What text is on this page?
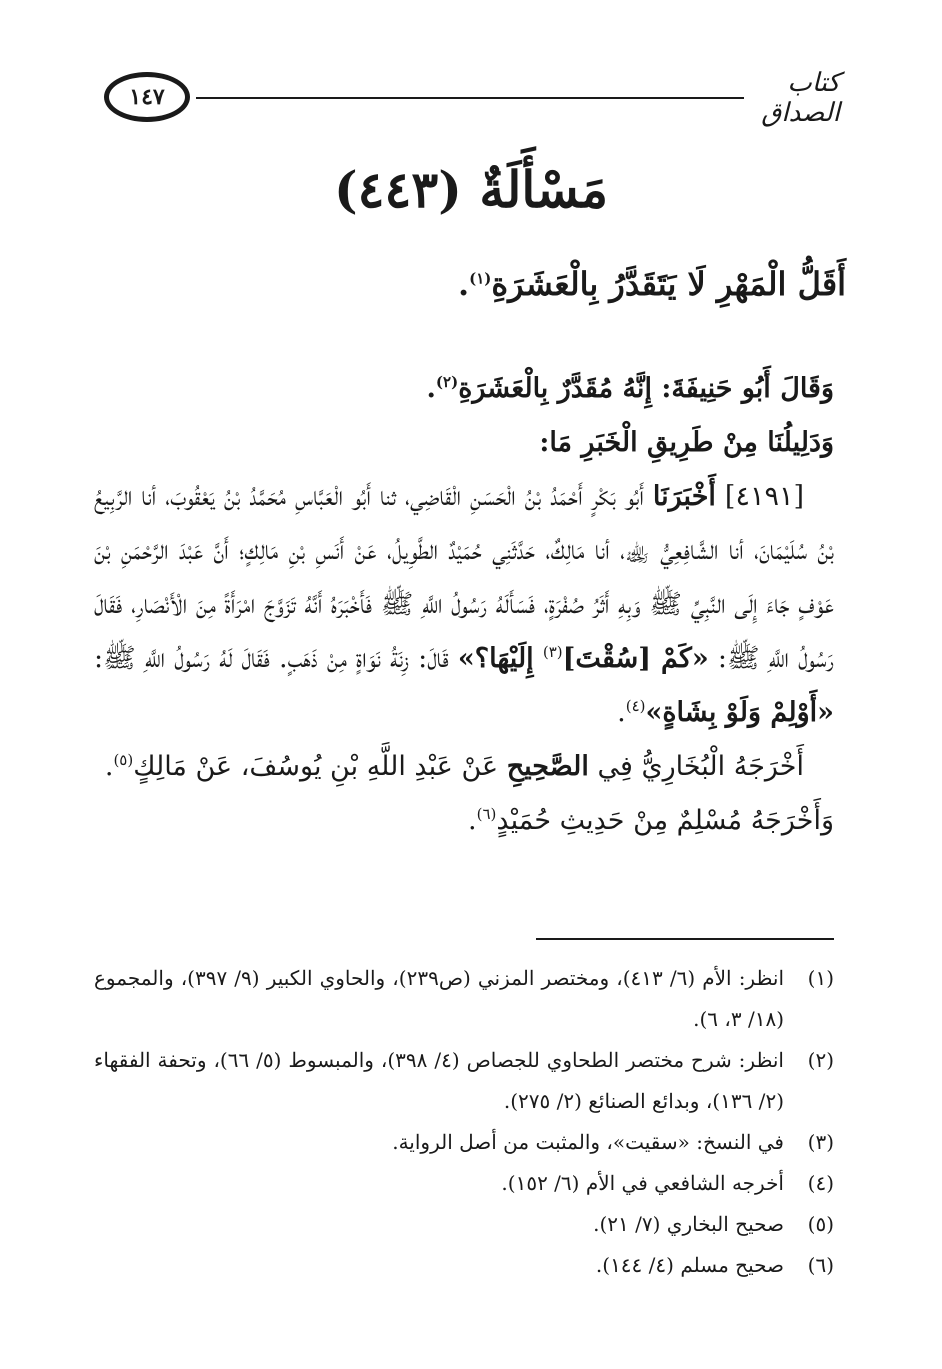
١٤٧	كتاب الصداق
مَسْأَلَةٌ (٤٤٣)
أَقَلُّ الْمَهْرِ لَا يَتَقَدَّرُ بِالْعَشَرَةِ$^{(١)}$.

وَقَالَ أَبُو حَنِيفَةَ: إِنَّهُ مُقَدَّرٌ بِالْعَشَرَةِ$^{(٢)}$.

وَدَلِيلُنَا مِنْ طَرِيقِ الْخَبَرِ مَا:

[٤١٩١] أَخْبَرَنَا أَبُو بَكْرٍ أَحْمَدُ بْنُ الْحَسَنِ الْقَاضِي، ثنا أَبُو الْعَبَّاسِ مُحَمَّدُ بْنُ يَعْقُوبَ، أنا الرَّبِيعُ بْنُ سُلَيْمَانَ، أنا الشَّافِعِيُّ ﵀، أنا مَالِكٌ، حَدَّثَنِي حُمَيْدٌ الطَّوِيلُ، عَنْ أَنَسِ بْنِ مَالِكٍ؛ أَنَّ عَبْدَ الرَّحْمَنِ بْنَ عَوْفٍ جَاءَ إِلَى النَّبِيِّ ﷺ وَبِهِ أَثَرُ صُفْرَةٍ، فَسَأَلَهُ رَسُولُ اللَّهِ ﷺ فَأَخْبَرَهُ أَنَّهُ تَزَوَّجَ امْرَأَةً مِنَ الْأَنْصَارِ، فَقَالَ رَسُولُ اللَّهِ ﷺ: «كَمْ [سُقْتَ]$^{(٣)}$ إِلَيْهَا؟» قَالَ: زِنَةُ نَوَاةٍ مِنْ ذَهَبٍ. فَقَالَ لَهُ رَسُولُ اللَّهِ ﷺ: «أَوْلِمْ وَلَوْ بِشَاةٍ»$^{(٤)}$.

أَخْرَجَهُ الْبُخَارِيُّ فِي الصَّحِيحِ عَنْ عَبْدِ اللَّهِ بْنِ يُوسُفَ، عَنْ مَالِكٍ$^{(٥)}$.

وَأَخْرَجَهُ مُسْلِمٌ مِنْ حَدِيثِ حُمَيْدٍ$^{(٦)}$.

(١)
انظر: الأم (٦/ ٤١٣)، ومختصر المزني (ص٢٣٩)، والحاوي الكبير (٩/ ٣٩٧)، والمجموع (١٨/ ٣، ٦).
(٢)
انظر: شرح مختصر الطحاوي للجصاص (٤/ ٣٩٨)، والمبسوط (٥/ ٦٦)، وتحفة الفقهاء (٢/ ١٣٦)، وبدائع الصنائع (٢/ ٢٧٥).
(٣)
في النسخ: «سقيت»، والمثبت من أصل الرواية.
(٤)
أخرجه الشافعي في الأم (٦/ ١٥٢).
(٥)
صحيح البخاري (٧/ ٢١).
(٦)
صحيح مسلم (٤/ ١٤٤).
